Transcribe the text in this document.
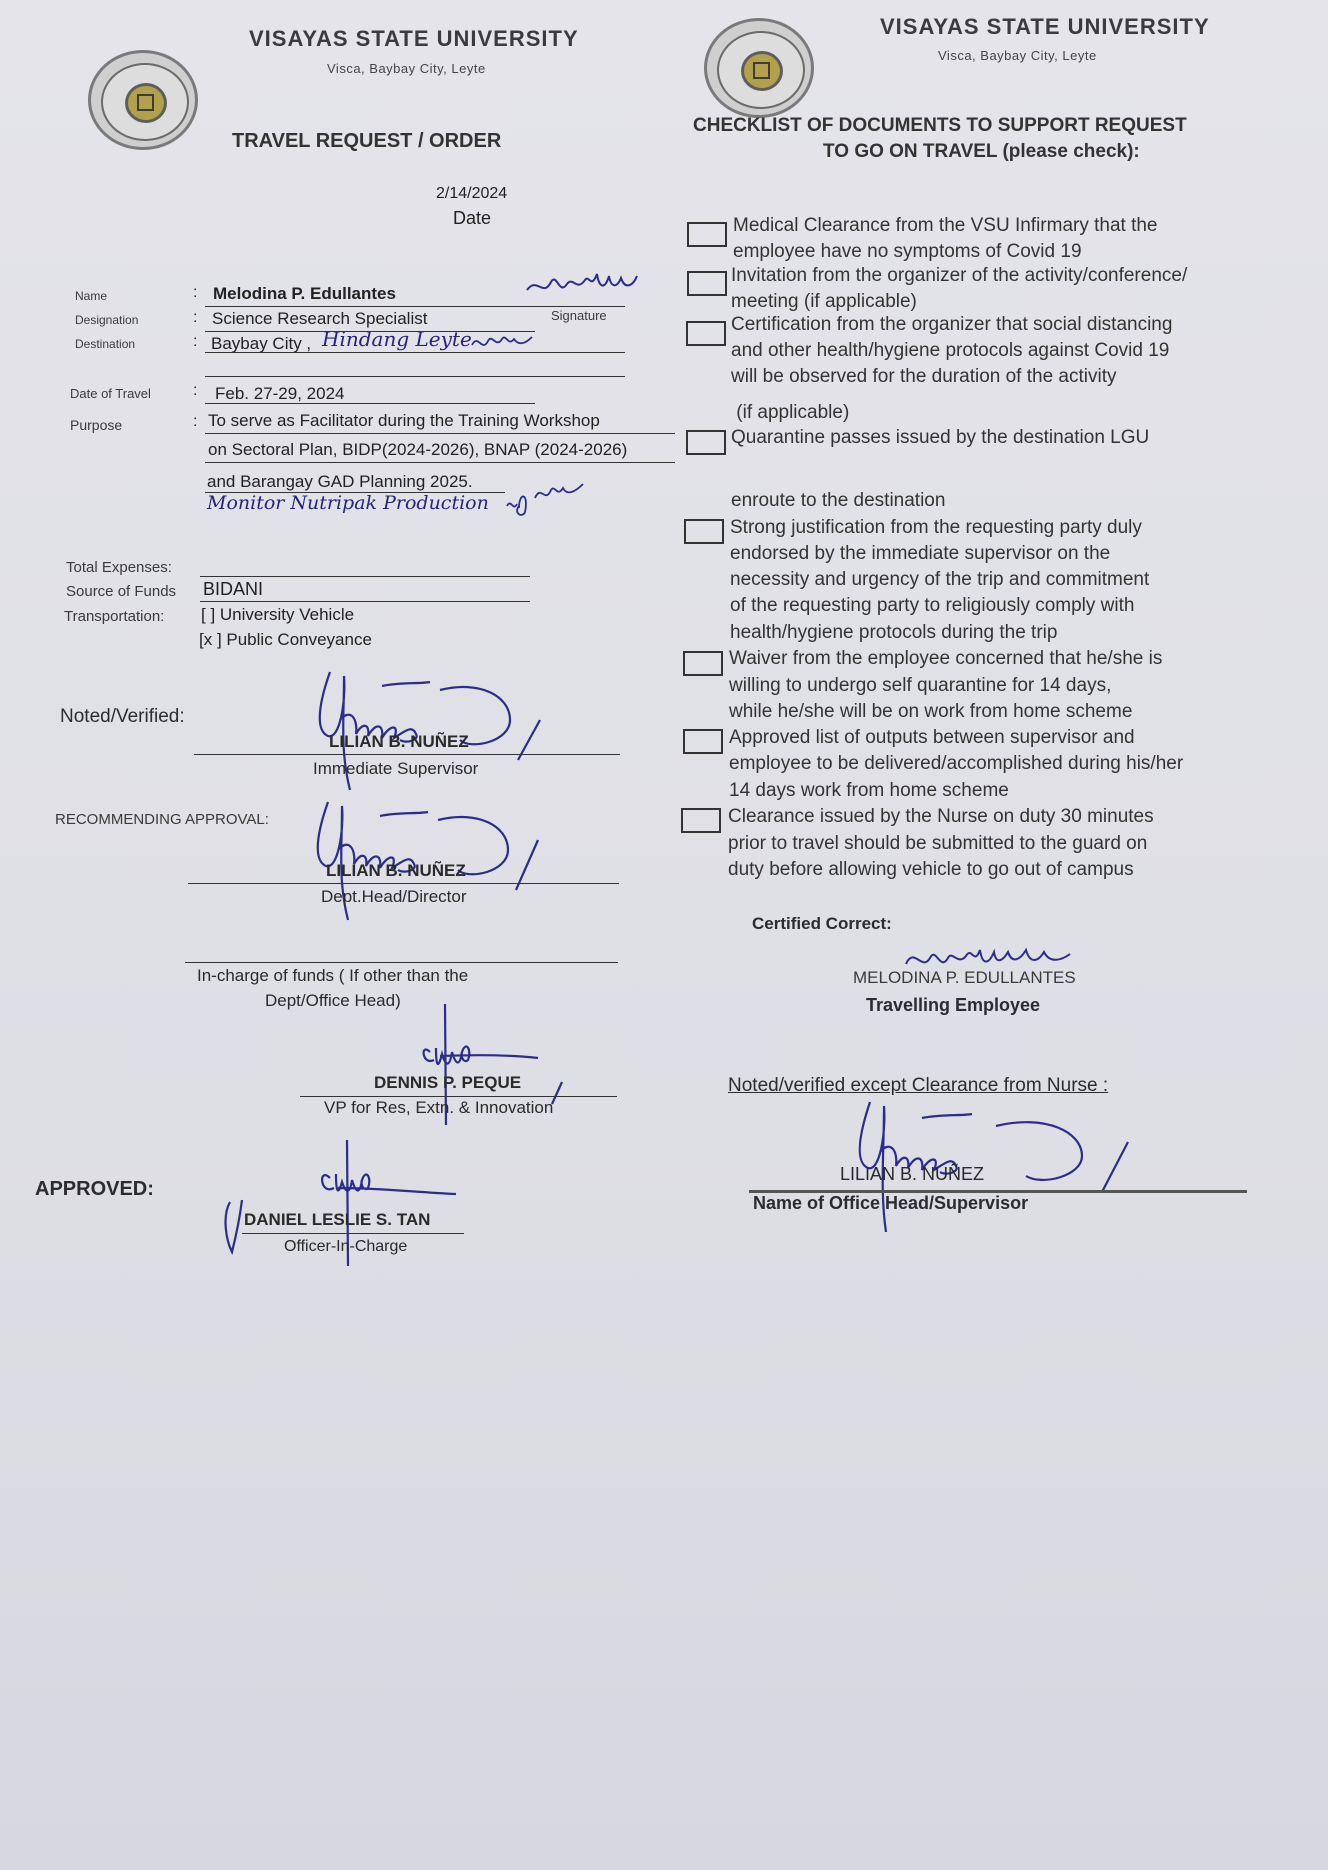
VISAYAS STATE UNIVERSITY
Visca, Baybay City, Leyte
TRAVEL REQUEST / ORDER
2/14/2024
Date
Name	: Melodina P. Edullantes
Signature
Designation	: Science Research Specialist
Destination	: Baybay City , Hindang Leyte
Date of Travel	: Feb. 27-29, 2024
Purpose	: To serve as Facilitator during the Training Workshop
on Sectoral Plan, BIDP(2024-2026), BNAP (2024-2026)
and Barangay GAD Planning 2025.
Monitor Nutripak Production
Total Expenses:
Source of Funds BIDANI
Transportation: [ ] University Vehicle
[x ] Public Conveyance
Noted/Verified:
LILIAN B. NUÑEZ
Immediate Supervisor
RECOMMENDING APPROVAL:
LILIAN B. NUÑEZ
Dept.Head/Director
In-charge of funds ( If other than the
Dept/Office Head)
DENNIS P. PEQUE
VP for Res, Extn. & Innovation
APPROVED:
DANIEL LESLIE S. TAN
Officer-In-Charge
VISAYAS STATE UNIVERSITY
Visca, Baybay City, Leyte
CHECKLIST OF DOCUMENTS TO SUPPORT REQUEST
TO GO ON TRAVEL (please check):
Medical Clearance from the VSU Infirmary that the
employee have no symptoms of Covid 19
Invitation from the organizer of the activity/conference/
meeting (if applicable)
Certification from the organizer that social distancing
and other health/hygiene protocols against Covid 19
will be observed for the duration of the activity
(if applicable)
Quarantine passes issued by the destination LGU
enroute to the destination
Strong justification from the requesting party duly
endorsed by the immediate supervisor on the
necessity and urgency of the trip and commitment
of the requesting party to religiously comply with
health/hygiene protocols during the trip
Waiver from the employee concerned that he/she is
willing to undergo self quarantine for 14 days,
while he/she will be on work from home scheme
Approved list of outputs between supervisor and
employee to be delivered/accomplished during his/her
14 days work from home scheme
Clearance issued by the Nurse on duty 30 minutes
prior to travel should be submitted to the guard on
duty before allowing vehicle to go out of campus
Certified Correct:
MELODINA P. EDULLANTES
Travelling Employee
Noted/verified except Clearance from Nurse :
LILIAN B. NUÑEZ
Name of Office Head/Supervisor
